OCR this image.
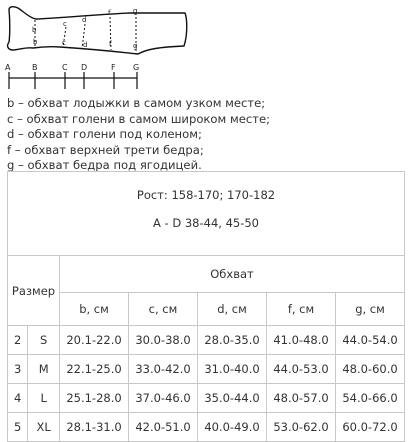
b
c d
f	g
b	c d	f	g
A	B	C D	F G
b – обхват лодыжки в самом узком месте;
c – обхват голени в самом широком месте;
d – обхват голени под коленом;
f – обхват верхней трети бедра;
g – обхват бедра под ягодицей.
Рост: 158-170; 170-182
A - D 38-44, 45-50						

Размер		Обхват				
		b, см	c, см	d, см	f, см	g, см
2	S	20.1-22.0	30.0-38.0	28.0-35.0	41.0-48.0	44.0-54.0
3	M	22.1-25.0	33.0-42.0	31.0-40.0	44.0-53.0	48.0-60.0
4	L	25.1-28.0	37.0-46.0	35.0-44.0	48.0-57.0	54.0-66.0
5	XL	28.1-31.0	42.0-51.0	40.0-49.0	53.0-62.0	60.0-72.0
